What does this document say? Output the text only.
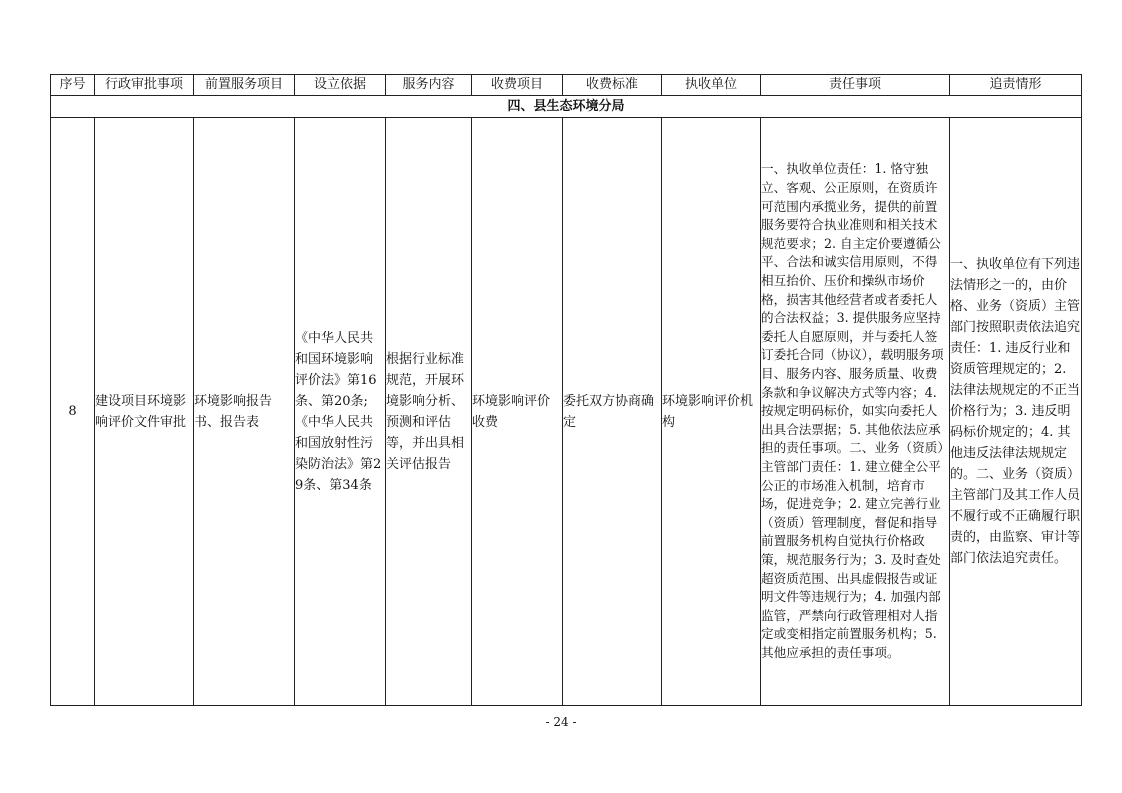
序号	行政审批事项	前置服务项目	设立依据	服务内容	收费项目	收费标准	执收单位	责任事项	追责情形
四、县生态环境分局									
8	建设项目环境影响评价文件审批	环境影响报告书、报告表	《中华人民共和国环境影响评价法》第16条、第20条;《中华人民共和国放射性污染防治法》第29条、第34条	根据行业标准规范，开展环境影响分析、预测和评估等，并出具相关评估报告	环境影响评价收费	委托双方协商确定	环境影响评价机构	一、执收单位责任：1. 恪守独立、客观、公正原则，在资质许可范围内承揽业务，提供的前置服务要符合执业准则和相关技术规范要求；2. 自主定价要遵循公平、合法和诚实信用原则，不得相互抬价、压价和操纵市场价格，损害其他经营者或者委托人的合法权益；3. 提供服务应坚持委托人自愿原则，并与委托人签订委托合同（协议），载明服务项目、服务内容、服务质量、收费条款和争议解决方式等内容；4. 按规定明码标价，如实向委托人出具合法票据；5. 其他依法应承担的责任事项。二、业务（资质）主管部门责任：1. 建立健全公平公正的市场准入机制，培育市场，促进竞争；2. 建立完善行业（资质）管理制度，督促和指导前置服务机构自觉执行价格政策，规范服务行为；3. 及时查处超资质范围、出具虚假报告或证明文件等违规行为；4. 加强内部监管，严禁向行政管理相对人指定或变相指定前置服务机构；5. 其他应承担的责任事项。	一、执收单位有下列违法情形之一的，由价格、业务（资质）主管部门按照职责依法追究责任：1. 违反行业和资质管理规定的；2. 法律法规规定的不正当价格行为；3. 违反明码标价规定的；4. 其他违反法律法规规定的。二、业务（资质）主管部门及其工作人员不履行或不正确履行职责的，由监察、审计等部门依法追究责任。
- 24 -
